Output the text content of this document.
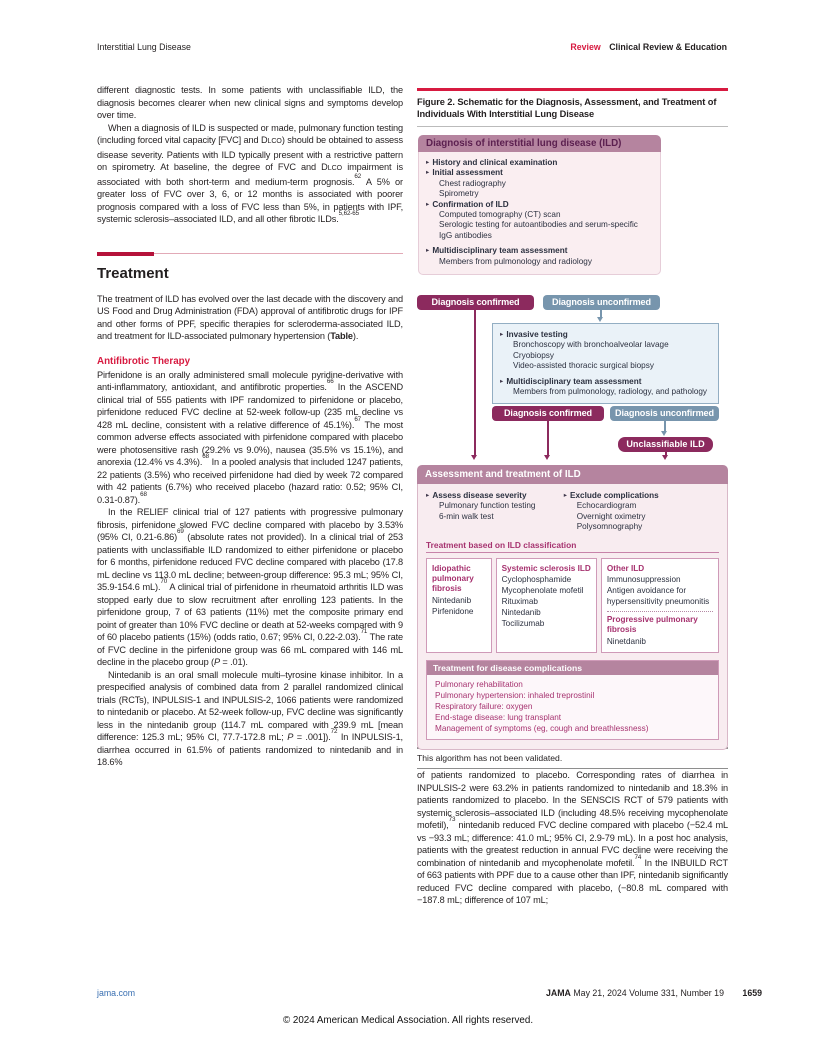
Interstitial Lung Disease	Review Clinical Review & Education

different diagnostic tests. In some patients with unclassifiable ILD, the diagnosis becomes clearer when new clinical signs and symptoms develop over time.

When a diagnosis of ILD is suspected or made, pulmonary function testing (including forced vital capacity [FVC] and DLCO) should be obtained to assess disease severity. Patients with ILD typically present with a restrictive pattern on spirometry. At baseline, the degree of FVC and DLCO impairment is associated with both short-term and medium-term prognosis.$^{62}$ A 5% or greater loss of FVC over 3, 6, or 12 months is associated with poorer prognosis compared with a loss of FVC less than 5%, in patients with IPF, systemic sclerosis–associated ILD, and all other fibrotic ILDs.$^{5,62-65}$

Treatment

The treatment of ILD has evolved over the last decade with the discovery and US Food and Drug Administration (FDA) approval of antifibrotic drugs for IPF and other forms of PPF, specific therapies for scleroderma-associated ILD, and treatment for ILD-associated pulmonary hypertension (Table).

Antifibrotic Therapy

Pirfenidone is an orally administered small molecule pyridine-derivative with anti-inflammatory, antioxidant, and antifibrotic properties.$^{66}$ In the ASCEND clinical trial of 555 patients with IPF randomized to pirfenidone or placebo, pirfenidone reduced FVC decline at 52-week follow-up (235 mL decline vs 428 mL decline, consistent with a relative difference of 45.1%).$^{67}$ The most common adverse effects associated with pirfenidone compared with placebo were photosensitive rash (29.2% vs 9.0%), nausea (35.5% vs 15.1%), and anorexia (12.4% vs 4.3%).$^{68}$ In a pooled analysis that included 1247 patients, 22 patients (3.5%) who received pirfenidone had died by week 72 compared with 42 patients (6.7%) who received placebo (hazard ratio: 0.52; 95% CI, 0.31-0.87).$^{68}$

In the RELIEF clinical trial of 127 patients with progressive pulmonary fibrosis, pirfenidone slowed FVC decline compared with placebo by 3.53% (95% CI, 0.21-6.86)$^{69}$ (absolute rates not provided). In a clinical trial of 253 patients with unclassifiable ILD randomized to either pirfenidone or placebo for 6 months, pirfenidone reduced FVC decline compared with placebo (17.8 mL decline vs 113.0 mL decline; between-group difference: 95.3 mL; 95% CI, 35.9-154.6 mL).$^{70}$ A clinical trial of pirfenidone in rheumatoid arthritis ILD was stopped early due to slow recruitment after enrolling 123 patients. In the pirfenidone group, 7 of 63 patients (11%) met the composite primary end point of greater than 10% FVC decline or death at 52-weeks compared with 9 of 60 placebo patients (15%) (odds ratio, 0.67; 95% CI, 0.22-2.03).$^{71}$ The rate of FVC decline in the pirfenidone group was 66 mL compared with 146 mL decline in the placebo group (P = .01).

Nintedanib is an oral small molecule multi–tyrosine kinase inhibitor. In a prespecified analysis of combined data from 2 parallel randomized clinical trials (RCTs), INPULSIS-1 and INPULSIS-2, 1066 patients were randomized to nintedanib or placebo. At 52-week follow-up, FVC decline was significantly less in the nintedanib group (114.7 mL compared with 239.9 mL [mean difference: 125.3 mL; 95% CI, 77.7-172.8 mL; P = .001]).$^{72}$ In INPULSIS-1, diarrhea occurred in 61.5% of patients randomized to nintedanib and in 18.6%

Figure 2. Schematic for the Diagnosis, Assessment, and Treatment of Individuals With Interstitial Lung Disease
Diagnosis of interstitial lung disease (ILD)
▸ History and clinical examination
▸ Initial assessment
Chest radiography
Spirometry
▸ Confirmation of ILD
Computed tomography (CT) scan
Serologic testing for autoantibodies and serum-specific IgG antibodies
▸ Multidisciplinary team assessment
Members from pulmonology and radiology
Diagnosis confirmed	Diagnosis unconfirmed
▸ Invasive testing
Bronchoscopy with bronchoalveolar lavage
Cryobiopsy
Video-assisted thoracic surgical biopsy
▸ Multidisciplinary team assessment
Members from pulmonology, radiology, and pathology
Diagnosis confirmed	Diagnosis unconfirmed
Unclassifiable ILD
Assessment and treatment of ILD
▸ Assess disease severity
Pulmonary function testing
6-min walk test
▸ Exclude complications
Echocardiogram
Overnight oximetry
Polysomnography
Treatment based on ILD classification
Idiopathic pulmonary fibrosis
Nintedanib
Pirfenidone
Systemic sclerosis ILD
Cyclophosphamide
Mycophenolate mofetil
Rituximab
Nintedanib
Tocilizumab
Other ILD
Immunosuppression
Antigen avoidance for hypersensitivity pneumonitis
Progressive pulmonary fibrosis
Ninetdanib
Treatment for disease complications
Pulmonary rehabilitation
Pulmonary hypertension: inhaled treprostinil
Respiratory failure: oxygen
End-stage disease: lung transplant
Management of symptoms (eg, cough and breathlessness)
This algorithm has not been validated.

of patients randomized to placebo. Corresponding rates of diarrhea in INPULSIS-2 were 63.2% in patients randomized to nintedanib and 18.3% in patients randomized to placebo. In the SENSCIS RCT of 579 patients with systemic sclerosis–associated ILD (including 48.5% receiving mycophenolate mofetil),$^{73}$ nintedanib reduced FVC decline compared with placebo (−52.4 mL vs −93.3 mL; difference: 41.0 mL; 95% CI, 2.9-79 mL). In a post hoc analysis, patients with the greatest reduction in annual FVC decline were receiving the combination of nintedanib and mycophenolate mofetil.$^{74}$ In the INBUILD RCT of 663 patients with PPF due to a cause other than IPF, nintedanib significantly reduced FVC decline compared with placebo, (−80.8 mL compared with −187.8 mL; difference of 107 mL;

jama.com	JAMA May 21, 2024 Volume 331, Number 19 1659
© 2024 American Medical Association. All rights reserved.
